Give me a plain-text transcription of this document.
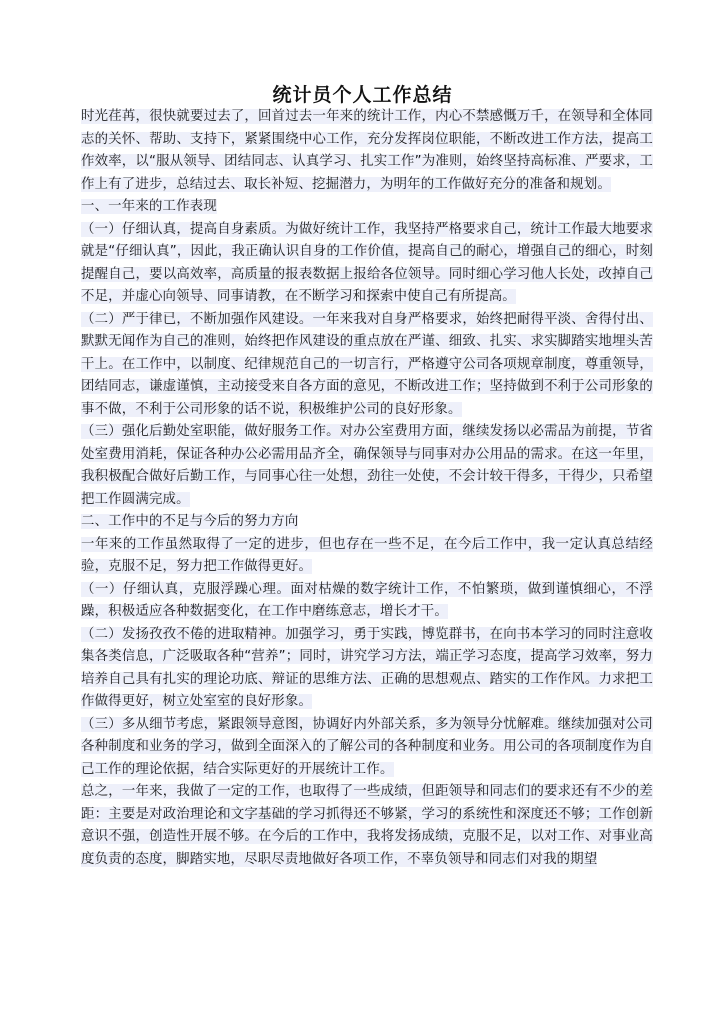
统计员个人工作总结

时光荏苒，很快就要过去了，回首过去一年来的统计工作，内心不禁感慨万千，在领导和全体同志的关怀、帮助、支持下，紧紧围绕中心工作，充分发挥岗位职能，不断改进工作方法，提高工作效率，以“服从领导、团结同志、认真学习、扎实工作”为准则，始终坚持高标准、严要求，工作上有了进步，总结过去、取长补短、挖掘潜力，为明年的工作做好充分的准备和规划。

一、一年来的工作表现

（一）仔细认真，提高自身素质。为做好统计工作，我坚持严格要求自己，统计工作最大地要求就是“仔细认真”，因此，我正确认识自身的工作价值，提高自己的耐心，增强自己的细心，时刻提醒自己，要以高效率，高质量的报表数据上报给各位领导。同时细心学习他人长处，改掉自己不足，并虚心向领导、同事请教，在不断学习和探索中使自己有所提高。

（二）严于律已，不断加强作风建设。一年来我对自身严格要求，始终把耐得平淡、舍得付出、默默无闻作为自己的准则，始终把作风建设的重点放在严谨、细致、扎实、求实脚踏实地埋头苦干上。在工作中，以制度、纪律规范自己的一切言行，严格遵守公司各项规章制度，尊重领导，团结同志，谦虚谨慎，主动接受来自各方面的意见，不断改进工作；坚持做到不利于公司形象的事不做，不利于公司形象的话不说，积极维护公司的良好形象。

（三）强化后勤处室职能，做好服务工作。对办公室费用方面，继续发扬以必需品为前提，节省处室费用消耗，保证各种办公必需用品齐全，确保领导与同事对办公用品的需求。在这一年里，我积极配合做好后勤工作，与同事心往一处想，劲往一处使，不会计较干得多，干得少，只希望把工作圆满完成。

二、工作中的不足与今后的努力方向

一年来的工作虽然取得了一定的进步，但也存在一些不足，在今后工作中，我一定认真总结经验，克服不足，努力把工作做得更好。

（一）仔细认真，克服浮躁心理。面对枯燥的数字统计工作，不怕繁琐，做到谨慎细心，不浮躁，积极适应各种数据变化，在工作中磨练意志，增长才干。

（二）发扬孜孜不倦的进取精神。加强学习，勇于实践，博览群书，在向书本学习的同时注意收集各类信息，广泛吸取各种“营养”；同时，讲究学习方法，端正学习态度，提高学习效率，努力培养自己具有扎实的理论功底、辩证的思维方法、正确的思想观点、踏实的工作作风。力求把工作做得更好，树立处室室的良好形象。

（三）多从细节考虑，紧跟领导意图，协调好内外部关系，多为领导分忧解难。继续加强对公司各种制度和业务的学习，做到全面深入的了解公司的各种制度和业务。用公司的各项制度作为自己工作的理论依据，结合实际更好的开展统计工作。

总之，一年来，我做了一定的工作，也取得了一些成绩，但距领导和同志们的要求还有不少的差距：主要是对政治理论和文字基础的学习抓得还不够紧，学习的系统性和深度还不够；工作创新意识不强，创造性开展不够。在今后的工作中，我将发扬成绩，克服不足，以对工作、对事业高度负责的态度，脚踏实地，尽职尽责地做好各项工作，不辜负领导和同志们对我的期望
